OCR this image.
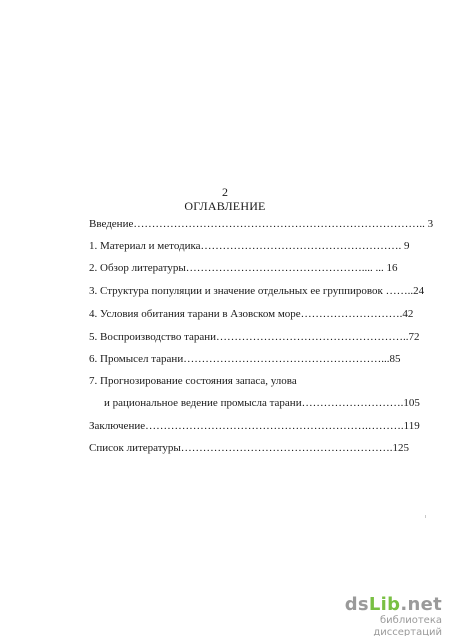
2
ОГЛАВЛЕНИЕ
Введение…………………………………………………………………….. 3
1. Материал и методика………………………………………………. 9
2. Обзор литературы………………………………………….... ... 16
3. Структура популяции и значение отдельных ее группировок ……..24
4. Условия обитания тарани в Азовском море……………………….42
5. Воспроизводство тарани……………………………………………..72
6. Промысел тарани………………………………………………...85
7. Прогнозирование состояния запаса, улова
и рациональное ведение промысла тарани……………………….105
Заключение…………………………………………………….……….119
Список литературы………………………………………………….125
dsLib.net
библиотека диссертаций
